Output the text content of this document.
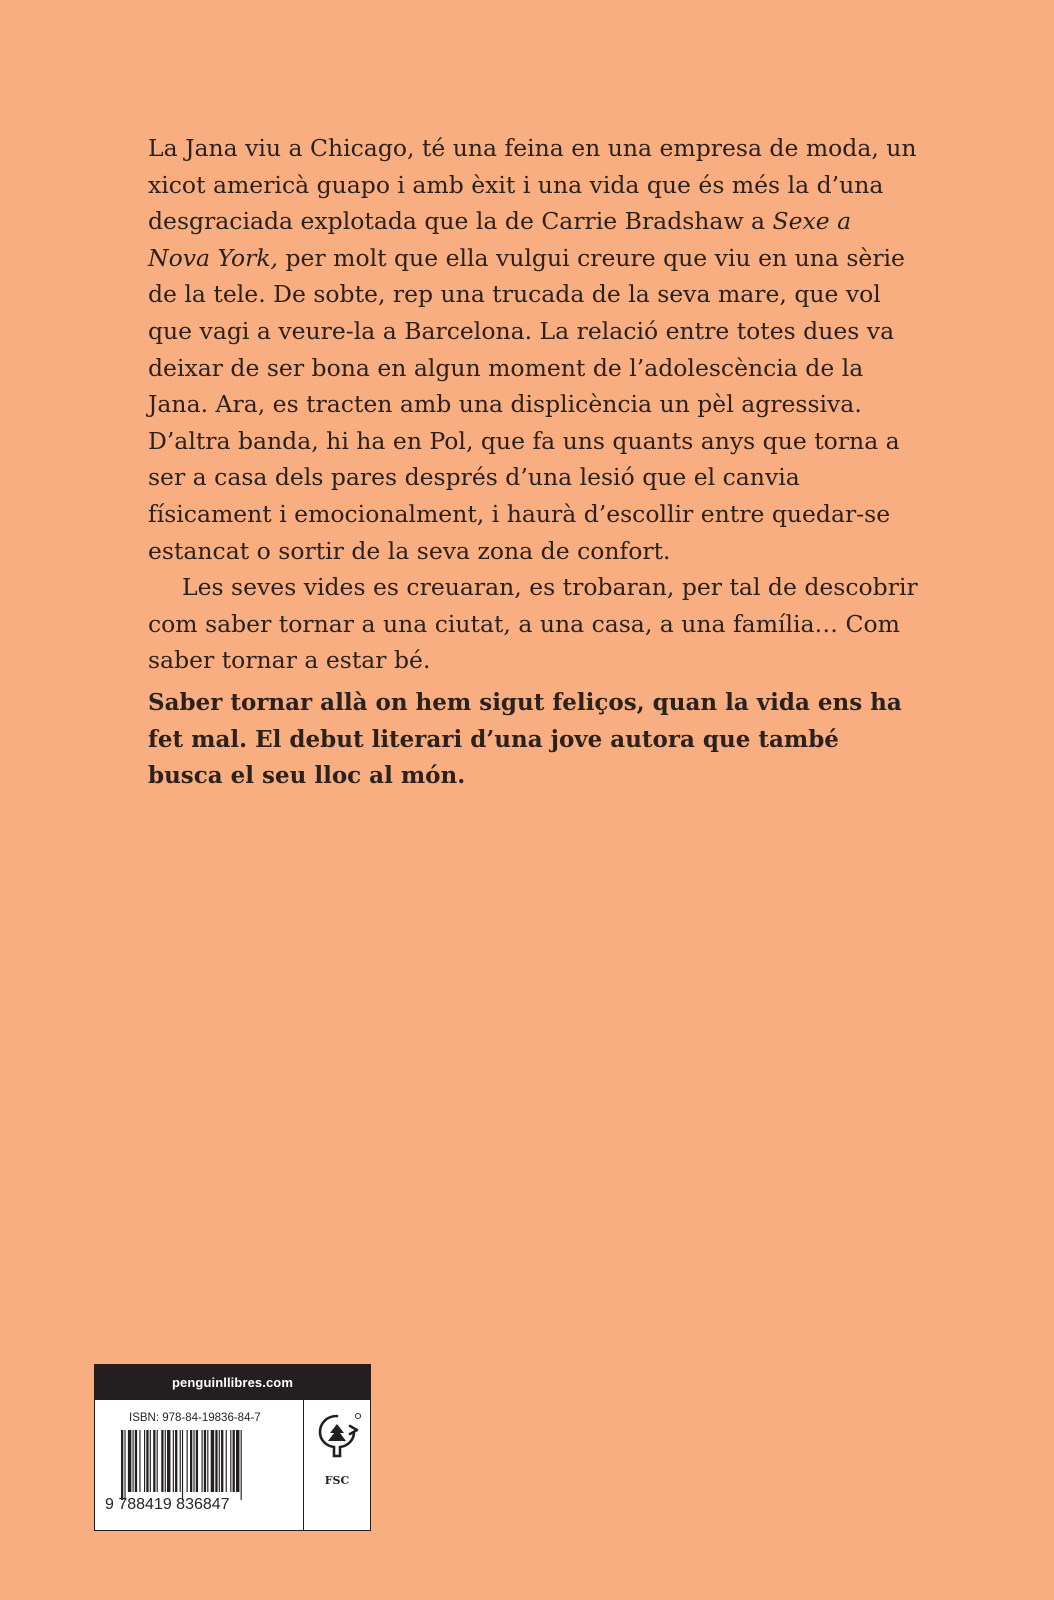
La Jana viu a Chicago, té una feina en una empresa de moda, un xicot americà guapo i amb èxit i una vida que és més la d’una desgraciada explotada que la de Carrie Bradshaw a Sexe a Nova York, per molt que ella vulgui creure que viu en una sèrie de la tele. De sobte, rep una trucada de la seva mare, que vol que vagi a veure-la a Barcelona. La relació entre totes dues va deixar de ser bona en algun moment de l’adolescència de la Jana. Ara, es tracten amb una displicència un pèl agressiva. D’altra banda, hi ha en Pol, que fa uns quants anys que torna a ser a casa dels pares després d’una lesió que el canvia físicament i emocionalment, i haurà d’escollir entre quedar-se estancat o sortir de la seva zona de confort.

Les seves vides es creuaran, es trobaran, per tal de descobrir com saber tornar a una ciutat, a una casa, a una família… Com saber tornar a estar bé.

Saber tornar allà on hem sigut feliços, quan la vida ens ha fet mal. El debut literari d’una jove autora que també busca el seu lloc al món.

penguinllibres.com
ISBN: 978-84-19836-84-7
9 788419 836847
FSC
